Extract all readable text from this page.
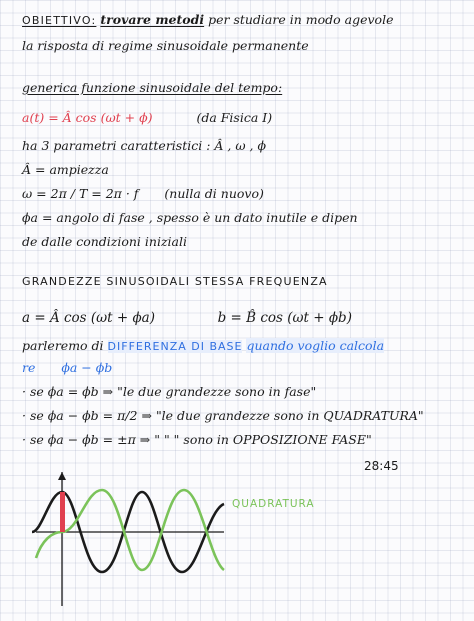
OBIETTIVO: trovare metodi per studiare in modo agevole
la risposta di regime sinusoidale permanente
generica funzione sinusoidale del tempo:
a(t) = Â cos (ωt + ϕ)	(da Fisica I)
ha 3 parametri caratteristici : Â , ω , ϕ
Â = ampiezza
ω = 2π / T = 2π · f (nulla di nuovo)
ϕa = angolo di fase , spesso è un dato inutile e dipen
de dalle condizioni iniziali
GRANDEZZE SINUSOIDALI STESSA FREQUENZA
a = Â cos (ωt + ϕa)	b = B̂ cos (ωt + ϕb)
parleremo di DIFFERENZA DI BASE quando voglio calcola
re ϕa − ϕb
· se ϕa = ϕb ⇒ "le due grandezze sono in fase"
· se ϕa − ϕb = π/2 ⇒ "le due grandezze sono in QUADRATURA"
· se ϕa − ϕb = ±π ⇒ " " " sono in OPPOSIZIONE FASE"
28:45
QUADRATURA
